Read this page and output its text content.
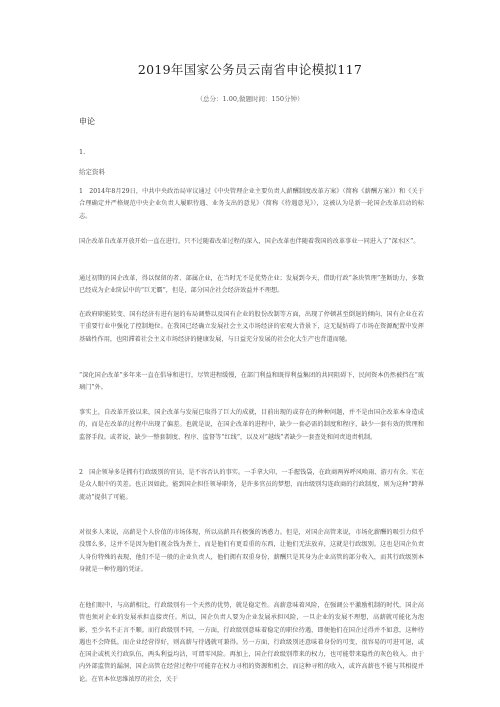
2019年国家公务员云南省申论模拟117
（总分：1.00,做题时间：150分钟）
申论
1.
给定资料

1　2014年8月29日，中共中央政治局审议通过《中央管理企业主要负责人薪酬制度改革方案》（简称《薪酬方案》）和《关于合理确定并严格规范中央企业负责人履职待遇、业务支出的意见》（简称《待遇意见》），这被认为是新一轮国企改革启动的标志。

国企改革自改革开放开始一直在进行，只不过随着改革过程的深入，国企改革也伴随着我国的改革事业一同进入了“深水区”。

通过初期的国企改革，得以保留的者、部属企业，在当时无不是优势企业；发展到今天，借助行政“条块管理”垄断助力，多数已经成为企业阶层中的“巨无霸”，但是，部分国企社会经济效益并不理想。

在政府职能转变、国有经济有进有退的布局调整以及国有企业的股份改制等方面，出现了停顿甚至倒退的倾向，国有企业在若干重要行业中强化了控制地位。在我国已经确立发展社会主义市场经济的宏观大背景下，这无疑妨碍了市场在资源配置中发挥基础性作用，也阻滞着社会主义市场经济的健康发展，与日益充分发展的社会化大生产也背道而驰。

“深化国企改革”多年来一直在倡导和进行，尽管进程缓慢，在部门利益和既得利益集团的共同阻碍下，民间资本仍然被挡在“玻璃门”外。

事实上，自改革开放以来，国企改革与发展已取得了巨大的成就，目前出现的或存在的种种问题，并不是由国企改革本身造成的，而是在改革的过程中出现了偏差。也就是说，在国企改革的进程中，缺少一套必需的制度和程序，缺少一套有效的管理和监督手段。或者说，缺少一整套制度、程序、监督等“红线”，以及对“越线”者缺少一套查处和问责追责机制。

2　国企领导多是拥有行政级别的官员，是不容否认的事实。一手拿大印，一手握钱袋，在政商两界呼风唤雨、游刃有余。实在是众人眼中的美差。也正因如此，能到国企担任领导职务，是许多官员的梦想，而由级别勾连政商的行政制度，则为这种“跨界流动”提供了可能。

对很多人来说，高薪是个人价值的市场体现，所以高薪具有极强的诱惑力。但是，对国企高管来说，市场化薪酬的吸引力似乎没那么多，这并不是因为他们视金钱为粪土，而是他们有更看重的东西，让他们无法放弃，这就是行政级别。这也是国企负责人身份特殊的表现，他们不是一般的企业负责人，他们拥有双重身份，薪酬只是其身为企业高管的部分收入，而其行政级别本身就是一种待遇的凭证。

在他们眼中，与高薪相比，行政级别有一个天然的优势，就是稳定性。高薪意味着风险，在强调公平激励机制的时代，国企高管也须对企业的发展承担直接责任。所以，国企负责人要为企业发展承担风险，一旦企业的发展不理想，高薪就可能化为泡影，至少名不正言不顺。而行政级别不同，一方面，行政级别意味着稳定的职位待遇，即便他们在国企过得并不如意，这种待遇也不会降低。而企业经营得好，则高薪与待遇就可兼得。另一方面，行政级别还意味着身份的可变，很容易的可进可退，或在国企或机关行政队伍，两头利益均沾，可谓零风险。再加上，国企行政级别带来的权力，也可能带来隐性的灰色收入。由于内外部监管的漏洞，国企高管在经营过程中可能存在权力寻租的资源和机会，而这种寻租的收入，或许高薪也不能与其相提并论。在官本位思维浓厚的社会，关于
